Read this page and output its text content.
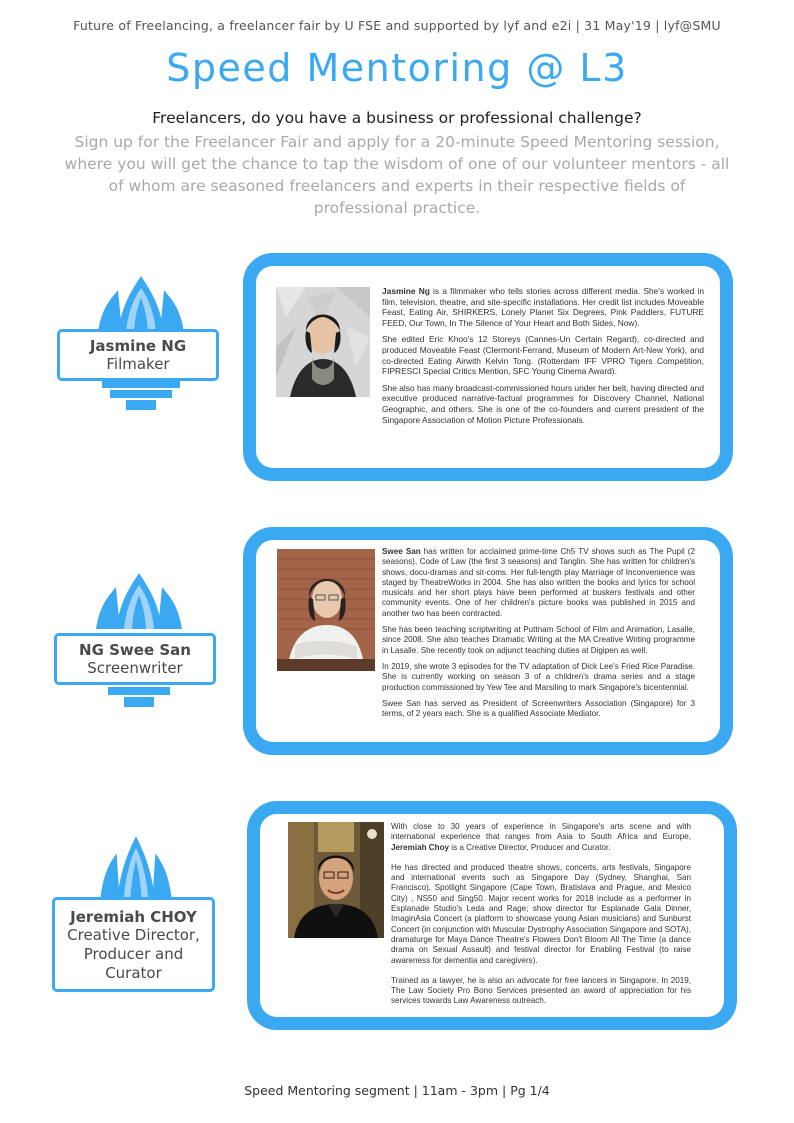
Future of Freelancing, a freelancer fair by U FSE and supported by lyf and e2i | 31 May'19 | lyf@SMU
Speed Mentoring @ L3
Freelancers, do you have a business or professional challenge?
Sign up for the Freelancer Fair and apply for a 20-minute Speed Mentoring session, where you will get the chance to tap the wisdom of one of our volunteer mentors - all of whom are seasoned freelancers and experts in their respective fields of professional practice.
Jasmine NG
Filmaker

Jasmine Ng is a filmmaker who tells stories across different media. She's worked in film, television, theatre, and site-specific installations. Her credit list includes Moveable Feast, Eating Air, SHIRKERS, Lonely Planet Six Degrees, Pink Paddlers, FUTURE FEED, Our Town, In The Silence of Your Heart and Both Sides, Now).

She edited Eric Khoo's 12 Storeys (Cannes-Un Certain Regard), co-directed and produced Moveable Feast (Clermont-Ferrand, Museum of Modern Art-New York), and co-directed Eating Airwith Kelvin Tong. (Rotterdam IFF VPRO Tigers Competition, FIPRESCI Special Critics Mention, SFC Young Cinema Award).

She also has many broadcast-commissioned hours under her belt, having directed and executive produced narrative-factual programmes for Discovery Channel, National Geographic, and others. She is one of the co-founders and current president of the Singapore Association of Motion Picture Professionals.

NG Swee San
Screenwriter

Swee San has written for acclaimed prime-time Ch5 TV shows such as The Pupil (2 seasons), Code of Law (the first 3 seasons) and Tanglin. She has written for children's shows, docu-dramas and sit-coms. Her full-length play Marriage of Inconvenience was staged by TheatreWorks in 2004. She has also written the books and lyrics for school musicals and her short plays have been performed at buskers festivals and other community events. One of her children's picture books was published in 2015 and another two has been contracted.

She has been teaching scriptwriting at Puttnam School of Film and Animation, Lasalle, since 2008. She also teaches Dramatic Writing at the MA Creative Writing programme in Lasalle. She recently took on adjunct teaching duties at Digipen as well.

In 2019, she wrote 3 episodes for the TV adaptation of Dick Lee's Fried Rice Paradise. She is currently working on season 3 of a children's drama series and a stage production commissioned by Yew Tee and Marsiling to mark Singapore's bicentennial.

Swee San has served as President of Screenwriters Association (Singapore) for 3 terms, of 2 years each. She is a qualified Associate Mediator.

Jeremiah CHOY
Creative Director, Producer and Curator

With close to 30 years of experience in Singapore's arts scene and with international experience that ranges from Asia to South Africa and Europe, Jeremiah Choy is a Creative Director, Producer and Curator.

He has directed and produced theatre shows, concerts, arts festivals, Singapore and international events such as Singapore Day (Sydney, Shanghai, San Francisco), Spotlight Singapore (Cape Town, Bratislava and Prague, and Mexico City) , NS50 and Sing50. Major recent works for 2018 include as a performer in Esplanade Studio's Leda and Rage; show director for Esplanade Gala Dinner, ImaginAsia Concert (a platform to showcase young Asian musicians) and Sunburst Concert (in conjunction with Muscular Dystrophy Association Singapore and SOTA), dramaturge for Maya Dance Theatre's Flowers Don't Bloom All The Time (a dance drama on Sexual Assault) and festival director for Enabling Festival (to raise awareness for dementia and caregivers).

Trained as a lawyer, he is also an advocate for free lancers in Singapore. In 2019, The Law Society Pro Bono Services presented an award of appreciation for his services towards Law Awareness outreach.

Speed Mentoring segment | 11am - 3pm | Pg 1/4
